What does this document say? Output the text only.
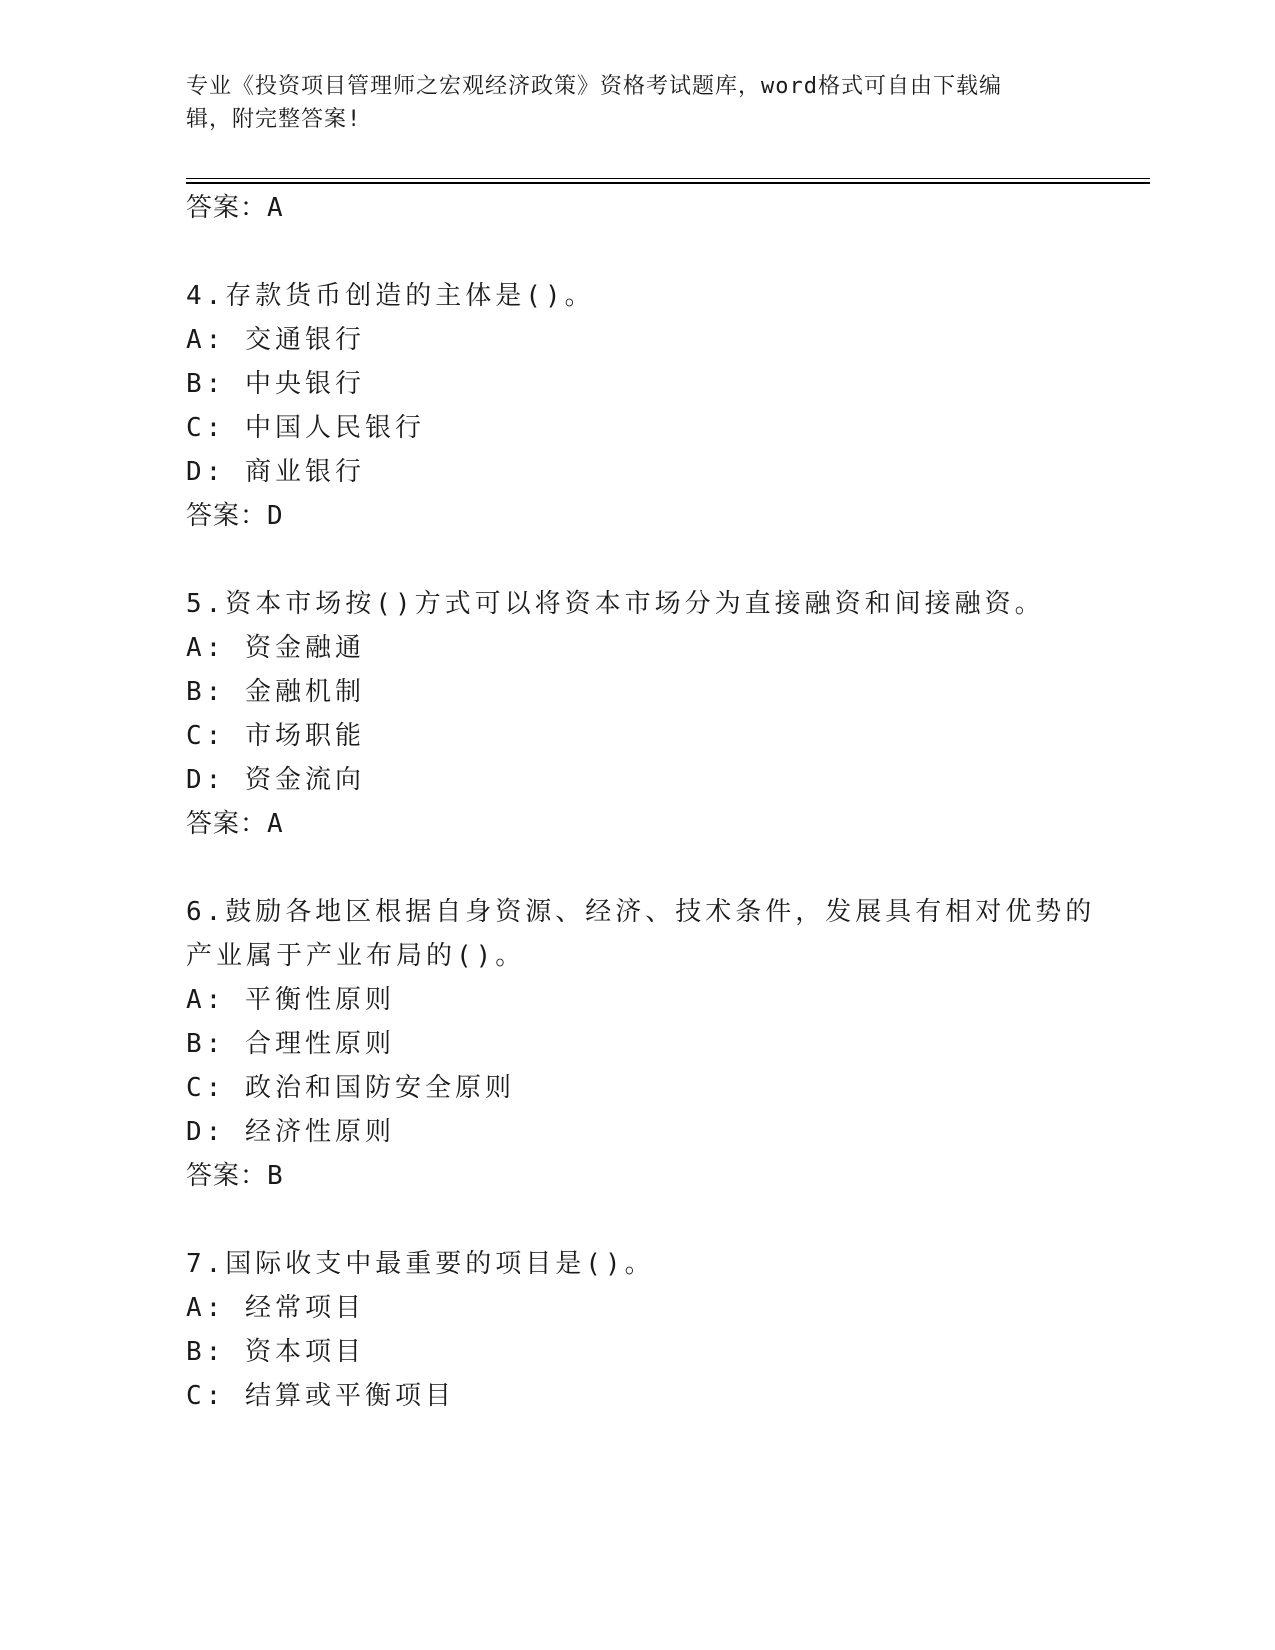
专业《投资项目管理师之宏观经济政策》资格考试题库，word格式可自由下载编
辑，附完整答案!
答案：A
4.存款货币创造的主体是()。
A: 交通银行
B: 中央银行
C: 中国人民银行
D: 商业银行
答案：D
5.资本市场按()方式可以将资本市场分为直接融资和间接融资。
A: 资金融通
B: 金融机制
C: 市场职能
D: 资金流向
答案：A
6.鼓励各地区根据自身资源、经济、技术条件，发展具有相对优势的
产业属于产业布局的()。
A: 平衡性原则
B: 合理性原则
C: 政治和国防安全原则
D: 经济性原则
答案：B
7.国际收支中最重要的项目是()。
A: 经常项目
B: 资本项目
C: 结算或平衡项目
